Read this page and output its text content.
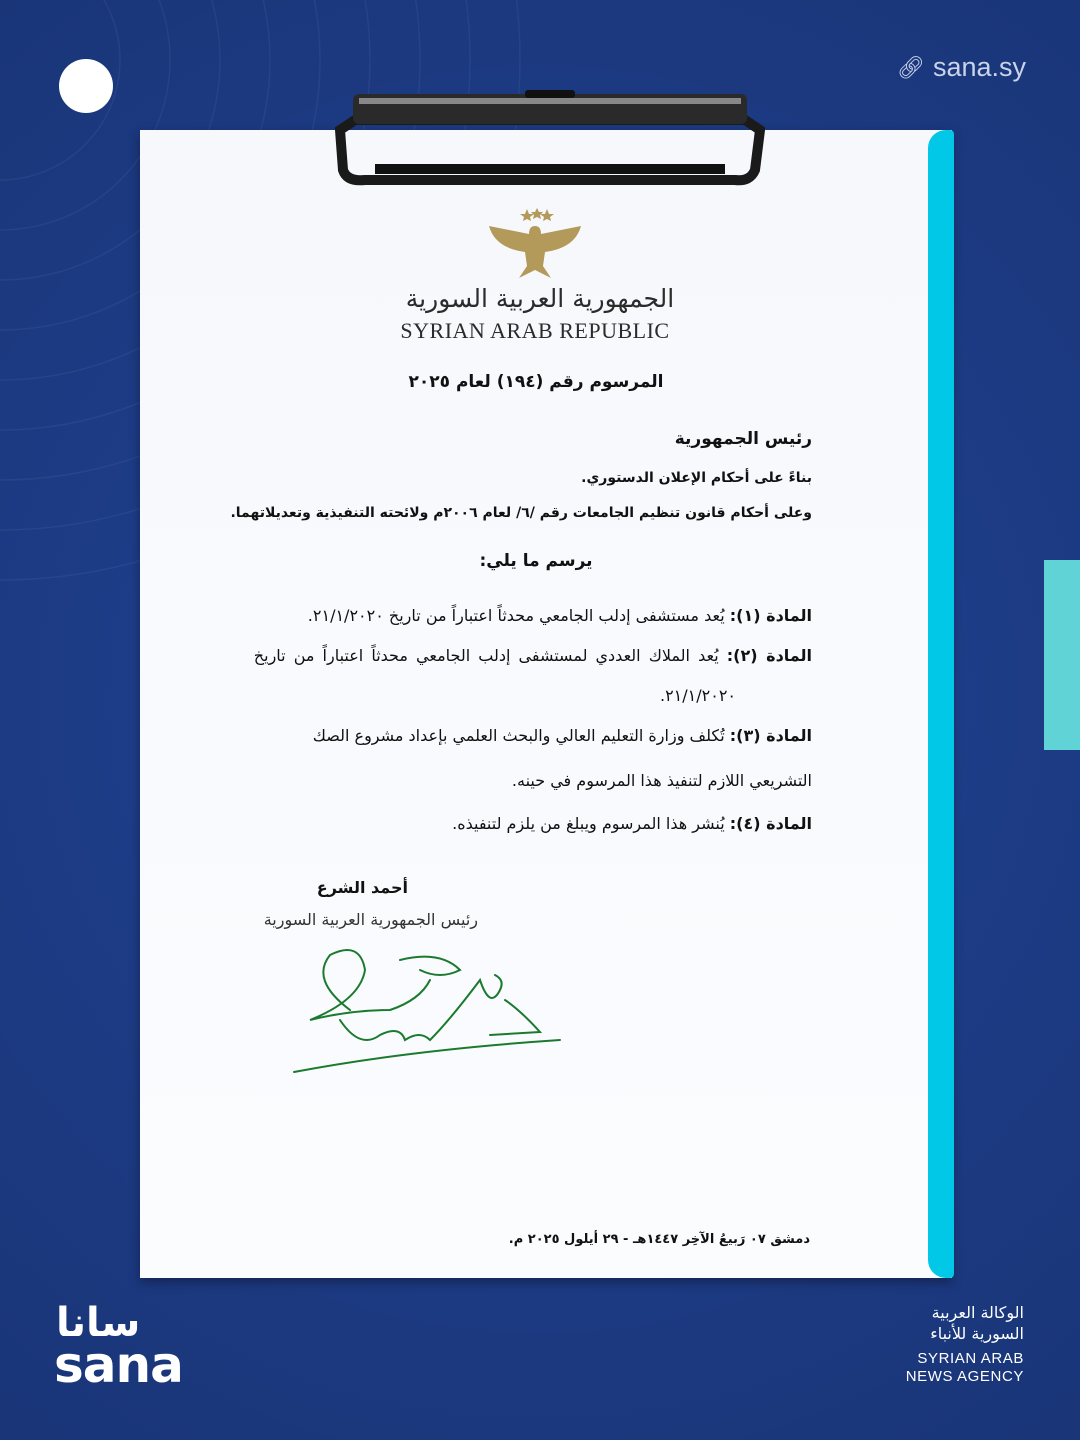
🔗︎ sana.sy
الجمهورية العربية السورية
SYRIAN ARAB REPUBLIC
المرسوم رقم (١٩٤) لعام ٢٠٢٥
رئيس الجمهورية
بناءً على أحكام الإعلان الدستوري.
وعلى أحكام قانون تنظيم الجامعات رقم /٦/ لعام ٢٠٠٦م ولائحته التنفيذية وتعديلاتهما.
يرسم ما يلي:
المادة (١): يُعد مستشفى إدلب الجامعي محدثاً اعتباراً من تاريخ ٢١/١/٢٠٢٠.
المادة (٢): يُعد الملاك العددي لمستشفى إدلب الجامعي محدثاً اعتباراً من تاريخ
٢١/١/٢٠٢٠.
المادة (٣): تُكلف وزارة التعليم العالي والبحث العلمي بإعداد مشروع الصك
التشريعي اللازم لتنفيذ هذا المرسوم في حينه.
المادة (٤): يُنشر هذا المرسوم ويبلغ من يلزم لتنفيذه.
أحمد الشرع
رئيس الجمهورية العربية السورية
دمشق ٠٧ رَبيعُ الآخِر ١٤٤٧هـ - ٢٩ أيلول ٢٠٢٥ م.
سانا
sana
الوكالة العربية
السورية للأنباء
SYRIAN ARAB
NEWS AGENCY
